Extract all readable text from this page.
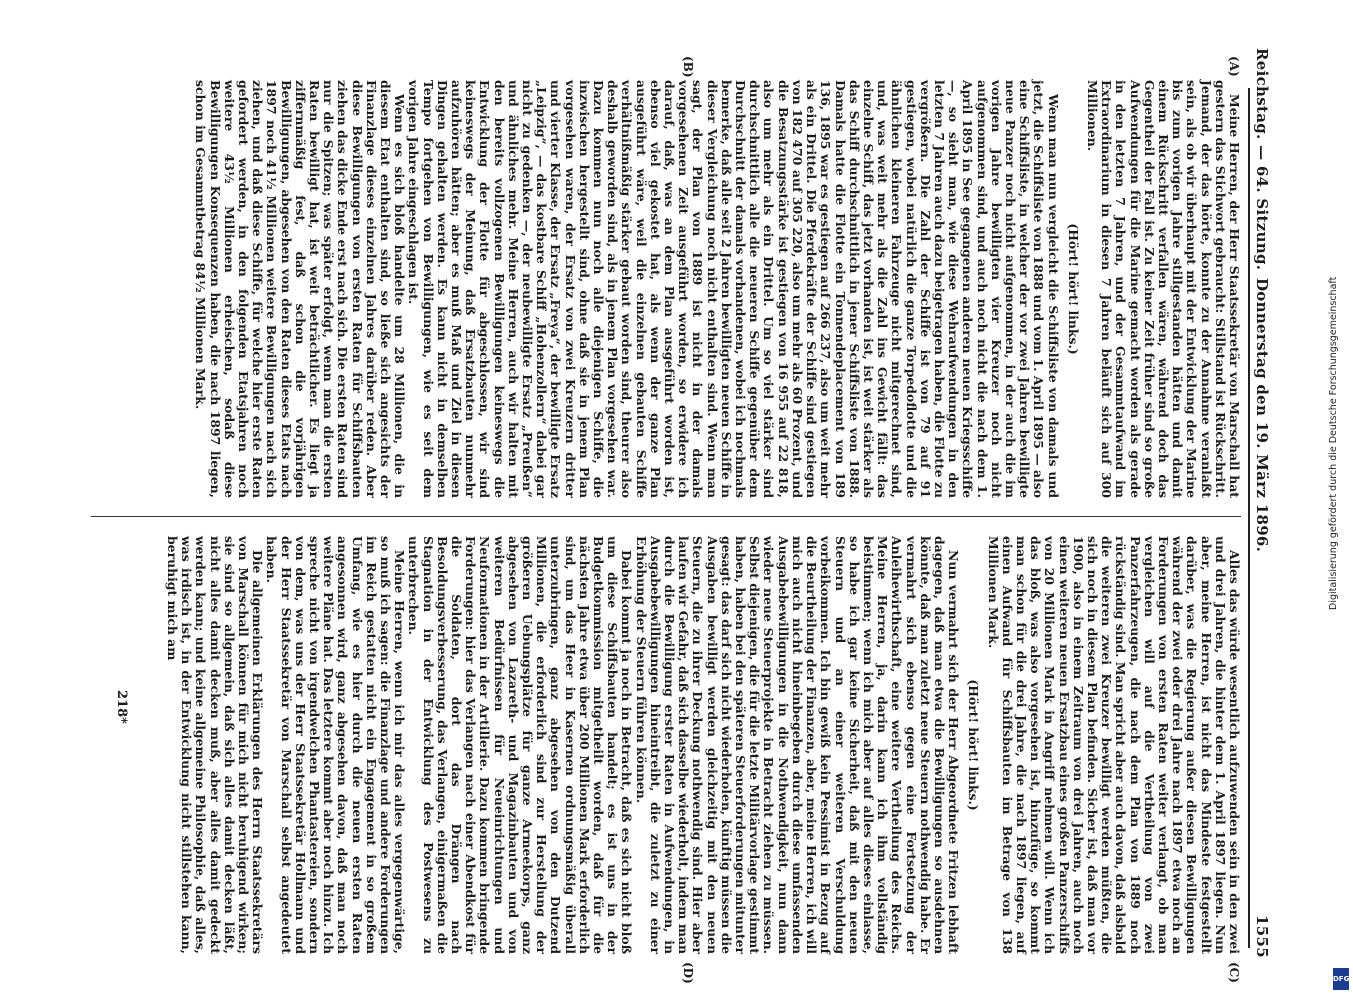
Reichstag. — 64. Sitzung.
Donnerstag den 19. März 1896.
1555
(A)
(B)
(C)
(D)

Meine Herren, der Herr Staatssekretär von Marschall hat gestern das Stichwort gebraucht: Stillstand ist Rückschritt. Jemand, der das hörte, konnte zu der Annahme veranlaßt sein, als ob wir überhaupt mit der Entwicklung der Marine bis zum vorigen Jahre stillgestanden hätten und damit einem Rückschritt verfallen wären, während doch das Gegentheil der Fall ist. Zu keiner Zeit früher sind so große Aufwendungen für die Marine gemacht worden als gerade in den letzten 7 Jahren, und der Gesammtaufwand im Extraordinarium in diesen 7 Jahren beläuft sich auf 300 Millionen.

(Hört! hört! links.)

Wenn man nun vergleicht die Schiffsliste von damals und jetzt, die Schiffsliste von 1888 und vom 1. April 1895 — also eine Schiffsliste, in welcher der vor zwei Jahren bewilligte neue Panzer noch nicht aufgenommen, in der auch die im vorigen Jahre bewilligten vier Kreuzer noch nicht aufgenommen sind, und auch noch nicht die nach dem 1. April 1895 in See gegangenen anderen neuen Kriegsschiffe —, so sieht man, wie diese Wehraufwendungen in den letzten 7 Jahren auch dazu beigetragen haben, die Flotte zu vergrößern. Die Zahl der Schiffe ist von 79 auf 91 gestiegen, wobei natürlich die ganze Torpedoflotte und die ähnlichen kleineren Fahrzeuge nicht mitgerechnet sind, und, was weit mehr als die Zahl ins Gewicht fällt: das einzelne Schiff, das jetzt vorhanden ist, ist weit stärker als das Schiff durchschnittlich in jener Schiffsliste von 1888. Damals hatte die Flotte ein Tonnendeplacement von 189 136, 1895 war es gestiegen auf 266 237, also um weit mehr als ein Drittel. Die Pferdekräfte der Schiffe sind gestiegen von 182 470 auf 305 220, also um mehr als 60 Prozent, und die Besatzungsstärke ist gestiegen von 16 955 auf 22 818, also um mehr als ein Drittel. Um so viel stärker sind durchschnittlich alle die neueren Schiffe gegenüber dem Durchschnitt der damals vorhandenen, wobei ich nochmals bemerke, daß alle seit 2 Jahren bewilligten neuen Schiffe in dieser Vergleichung noch nicht enthalten sind. Wenn man sagt, der Plan von 1889 ist nicht in der damals vorgesehenen Zeit ausgeführt worden, so erwidere ich darauf, daß, was an dem Plan ausgeführt worden ist, ebenso viel gekostet hat, als wenn der ganze Plan ausgeführt wäre, weil die einzelnen gebauten Schiffe verhältnißmäßig stärker gebaut worden sind, theurer also deshalb geworden sind, als in jenem Plan vorgesehen war. Dazu kommen nun noch alle diejenigen Schiffe, die inzwischen hergestellt sind, ohne daß sie in jenem Plan vorgesehen waren, der Ersatz von zwei Kreuzern dritter und vierter Klasse, der Ersatz „Freya“, der bewilligte Ersatz „Leipzig“, — das kostbare Schiff „Hohenzollern“ dabei gar nicht zu gedenken —, der neubewilligte Ersatz „Preußen“ und ähnliches mehr. Meine Herren, auch wir halten mit den bereits vollzogenen Bewilligungen keineswegs die Entwicklung der Flotte für abgeschlossen, wir sind keineswegs der Meinung, daß Ersatzbauten nunmehr aufzuhören hätten; aber es muß Maß und Ziel in diesen Dingen gehalten werden. Es kann nicht in demselben Tempo fortgehen von Bewilligungen, wie es seit dem vorigen Jahre eingeschlagen ist.

Wenn es sich bloß handelte um 28 Millionen, die in diesem Etat enthalten sind, so ließe sich angesichts der Finanzlage dieses einzelnen Jahres darüber reden. Aber diese Bewilligungen von ersten Raten für Schiffsbauten ziehen das dicke Ende erst nach sich. Die ersten Raten sind nur die Spitzen; was später erfolgt, wenn man die ersten Raten bewilligt hat, ist weit beträchtlicher. Es liegt ja ziffernmäßig fest, daß schon die vorjährigen Bewilligungen, abgesehen von den Raten dieses Etats nach 1897 noch 41½ Millionen weitere Bewilligungen nach sich ziehen, und daß diese Schiffe, für welche hier erste Raten gefordert werden, in den folgenden Etatsjahren noch weitere 43½ Millionen erheischen, sodaß diese Bewilligungen Konsequenzen haben, die nach 1897 liegen, schon im Gesammtbetrag 84½ Millionen Mark.

Alles das würde wesentlich aufzuwenden sein in den zwei und drei Jahren, die hinter dem 1. April 1897 liegen. Nun aber, meine Herren, ist nicht das Mindeste festgestellt darüber, was die Regierung außer diesen Bewilligungen während der zwei oder drei Jahre nach 1897 etwa noch an Forderungen von ersten Raten weiter verlangt, ob man vergleichen will auf die Vertheilung von zwei Panzerfahrzeugen, die nach dem Plan von 1889 noch rückständig sind. Man spricht aber auch davon, daß alsbald die weiteren zwei Kreuzer bewilligt werden müßten, die sich noch in diesem Plan befinden. Sicher ist, daß man vor 1900, also in einem Zeitraum von drei Jahren, auch noch einen weiteren neuen Ersatzbau eines großen Panzerschiffs von 20 Millionen Mark in Angriff nehmen will. Wenn ich das bloß, was also vorgesehen ist, hinzufüge, so kommt man schon für die drei Jahre, die nach 1897 liegen, auf einen Aufwand für Schiffsbauten im Betrage von 138 Millionen Mark.

(Hört! hört! links.)

Nun vermahrt sich der Herr Abgeordnete Fritzen lebhaft dagegen, daß man etwa die Bewilligungen so ausdehnen könnte, daß man zuletzt neue Steuern nothwendig habe. Er vermahrt sich ebenso gegen eine Fortsetzung der Anleihewirthschaft, eine weitere Vertheilung des Reichs. Meine Herren, ja, darin kann ich ihm vollständig beistimmen; wenn ich mich aber auf alles dieses einlasse, so habe ich gar keine Sicherheit, daß mit den neuen Steuern und an einer weiteren Verschuldung vorbeikommen. Ich bin gewiß kein Pessimist in Bezug auf die Beurtheilung der Finanzen, aber, meine Herren, ich will mich auch nicht hineinbegeben durch diese umfassenden Ausgabebewilligungen in die Nothwendigkeit, nun dann wieder neue Steuerprojekte in Betracht ziehen zu müssen. Selbst diejenigen, die für die letzte Militärvorlage gestimmt haben, haben bei den späteren Steuerforderungen mitunter gesagt: das darf sich nicht wiederholen, künftig müssen die Ausgaben bewilligt werden gleichzeitig mit den neuen Steuern, die zu ihrer Deckung nothwendig sind. Hier aber laufen wir Gefahr, daß sich dasselbe wiederholt, indem man durch die Bewilligung erster Raten in Aufwendungen, in Ausgabebewilligungen hineintreibt, die zuletzt zu einer Erhöhung der Steuern führen können.

Dabei kommt ja noch in Betracht, daß es sich nicht bloß um diese Schiffsbauten handelt; es ist uns in der Budgetkommission mitgetheilt worden, daß für die nächsten Jahre etwa über 200 Millionen Mark erforderlich sind, um das Heer in Kasernen ordnungsmäßig überall unterzubringen, ganz abgesehen von den Dutzend Millionen, die erforderlich sind zur Herstellung der größeren Uebungsplätze für ganze Armeekorps, ganz abgesehen von Lazareth- und Magazinbauten und von weiteren Bedürfnissen für Neueinrichtungen und Neuformationen in der Artillerie. Dazu kommen bringende Forderungen: hier das Verlangen nach einer Abendkost für die Soldaten, dort das Drängen nach Besoldungsverbesserung, das Verlangen, einigermaßen die Stagnation in der Entwicklung des Postwesens zu unterbrechen.

Meine Herren, wenn ich mir das alles vergegenwärtige, so muß ich sagen: die Finanzlage und andere Forderungen im Reich gestatten nicht ein Engagement in so großem Umfang, wie es hier durch die neuen ersten Raten angesonnen wird, ganz abgesehen davon, daß man noch weitere Pläne hat. Das letztere kommt aber noch hinzu. Ich spreche nicht von irgendwelchen Phantastereien, sondern von dem, was uns der Herr Staatssekretär Hollmann und der Herr Staatssekretär von Marschall selbst angedeutet haben.

Die allgemeinen Erklärungen des Herrn Staatssekretärs von Marschall können für mich nicht beruhigend wirken; sie sind so allgemein, daß sich alles damit decken läßt, nicht alles damit decken muß, aber alles damit gedeckt werden kann; und keine allgemeine Philosophie, daß alles, was irdisch ist, in der Entwicklung nicht stillstehen kann, beruhigt mich am

218*
Digitalisierung gefördert durch die Deutsche Forschungsgemeinschaft
DFG
